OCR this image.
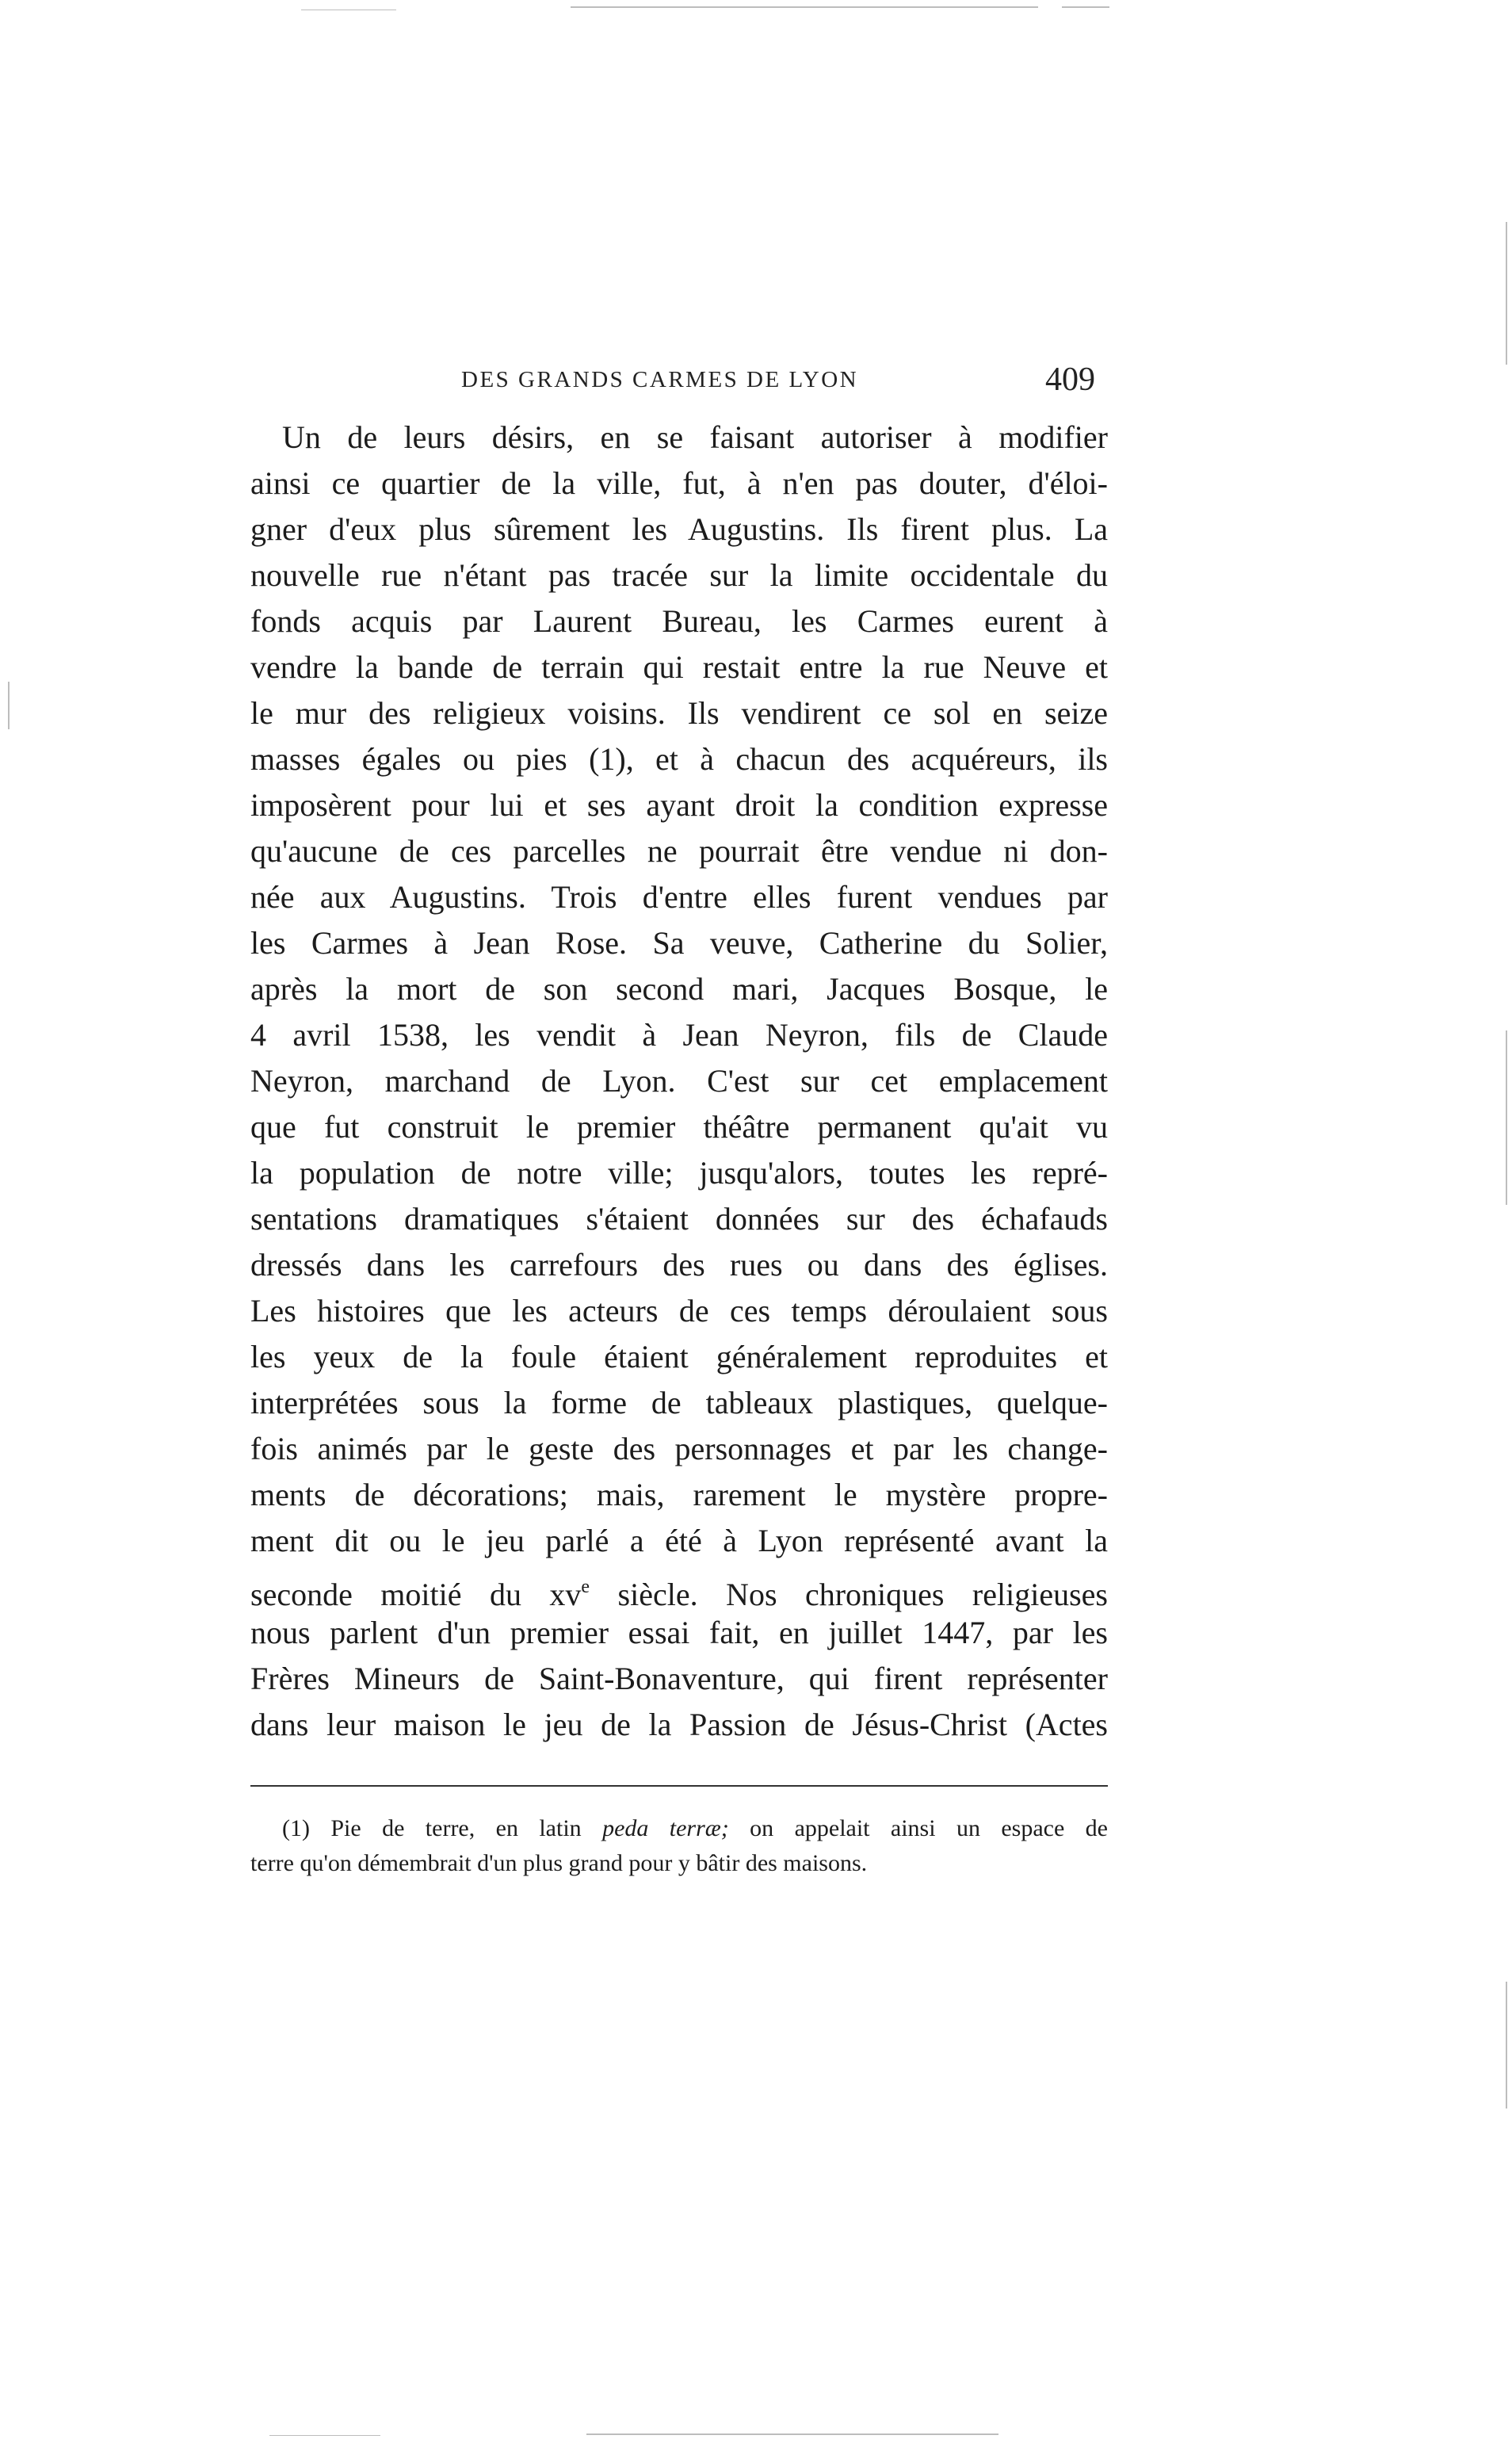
DES GRANDS CARMES DE LYON	409
Un de leurs désirs, en se faisant autoriser à modifier
ainsi ce quartier de la ville, fut, à n'en pas douter, d'éloi-
gner d'eux plus sûrement les Augustins. Ils firent plus. La
nouvelle rue n'étant pas tracée sur la limite occidentale du
fonds acquis par Laurent Bureau, les Carmes eurent à
vendre la bande de terrain qui restait entre la rue Neuve et
le mur des religieux voisins. Ils vendirent ce sol en seize
masses égales ou pies (1), et à chacun des acquéreurs, ils
imposèrent pour lui et ses ayant droit la condition expresse
qu'aucune de ces parcelles ne pourrait être vendue ni don-
née aux Augustins. Trois d'entre elles furent vendues par
les Carmes à Jean Rose. Sa veuve, Catherine du Solier,
après la mort de son second mari, Jacques Bosque, le
4 avril 1538, les vendit à Jean Neyron, fils de Claude
Neyron, marchand de Lyon. C'est sur cet emplacement
que fut construit le premier théâtre permanent qu'ait vu
la population de notre ville; jusqu'alors, toutes les repré-
sentations dramatiques s'étaient données sur des échafauds
dressés dans les carrefours des rues ou dans des églises.
Les histoires que les acteurs de ces temps déroulaient sous
les yeux de la foule étaient généralement reproduites et
interprétées sous la forme de tableaux plastiques, quelque-
fois animés par le geste des personnages et par les change-
ments de décorations; mais, rarement le mystère propre-
ment dit ou le jeu parlé a été à Lyon représenté avant la
seconde moitié du $xv^e$ siècle. Nos chroniques religieuses
nous parlent d'un premier essai fait, en juillet 1447, par les
Frères Mineurs de Saint-Bonaventure, qui firent représenter
dans leur maison le jeu de la Passion de Jésus-Christ (Actes
(1) Pie de terre, en latin peda terræ; on appelait ainsi un espace de
terre qu'on démembrait d'un plus grand pour y bâtir des maisons.
